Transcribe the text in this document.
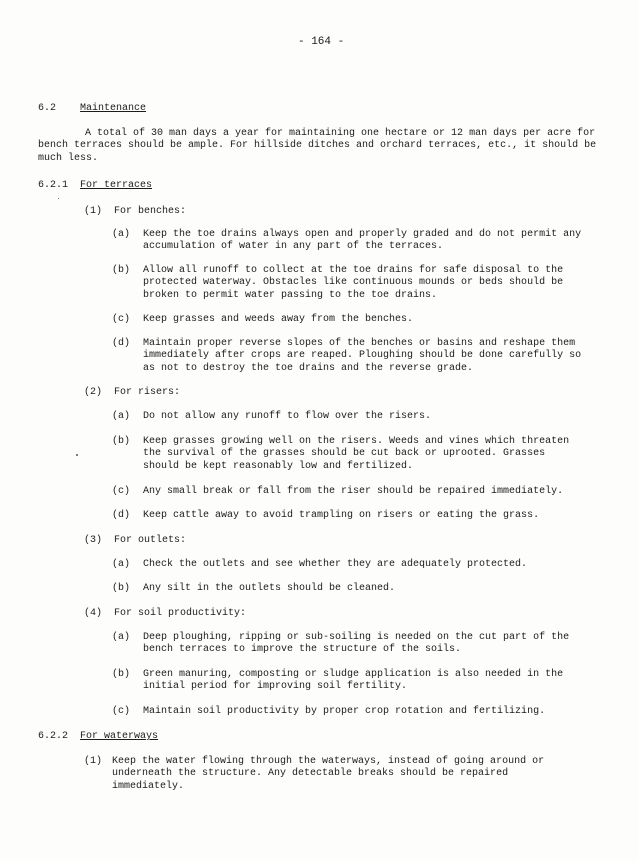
- 164 -
6.2 Maintenance
A total of 30 man days a year for maintaining one hectare or 12 man days per acre for bench terraces should be ample. For hillside ditches and orchard terraces, etc., it should be much less.
6.2.1 For terraces
(1)  For benches:
(a) Keep the toe drains always open and properly graded and do not permit any accumulation of water in any part of the terraces.
(b) Allow all runoff to collect at the toe drains for safe disposal to the protected waterway. Obstacles like continuous mounds or beds should be broken to permit water passing to the toe drains.
(c) Keep grasses and weeds away from the benches.
(d) Maintain proper reverse slopes of the benches or basins and reshape them immediately after crops are reaped. Ploughing should be done carefully so as not to destroy the toe drains and the reverse grade.
(2)  For risers:
(a) Do not allow any runoff to flow over the risers.
(b) Keep grasses growing well on the risers. Weeds and vines which threaten the survival of the grasses should be cut back or uprooted. Grasses should be kept reasonably low and fertilized.
(c) Any small break or fall from the riser should be repaired immediately.
(d) Keep cattle away to avoid trampling on risers or eating the grass.
(3)  For outlets:
(a) Check the outlets and see whether they are adequately protected.
(b) Any silt in the outlets should be cleaned.
(4)  For soil productivity:
(a) Deep ploughing, ripping or sub-soiling is needed on the cut part of the bench terraces to improve the structure of the soils.
(b) Green manuring, composting or sludge application is also needed in the initial period for improving soil fertility.
(c) Maintain soil productivity by proper crop rotation and fertilizing.
6.2.2 For waterways
(1) Keep the water flowing through the waterways, instead of going around or underneath the structure. Any detectable breaks should be repaired immediately.
